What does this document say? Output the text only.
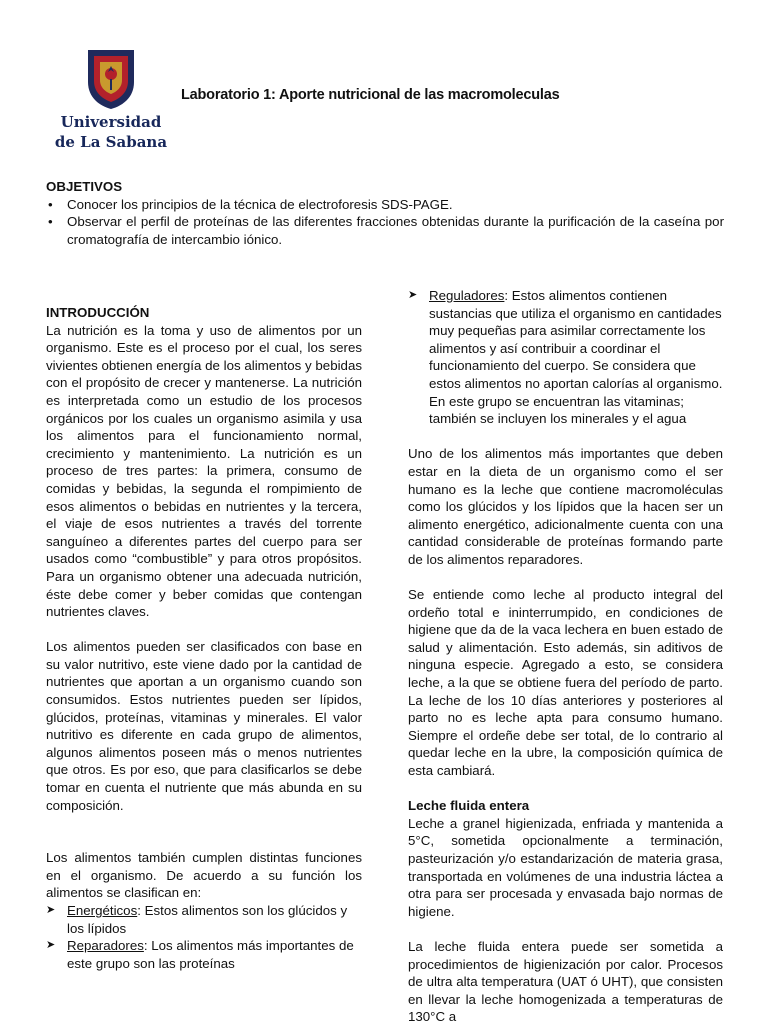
Universidad
de La Sabana
Laboratorio 1: Aporte nutricional de las macromoleculas

OBJETIVOS

• Conocer los principios de la técnica de electroforesis SDS-PAGE.
• Observar el perfil de proteínas de las diferentes fracciones obtenidas durante la purificación de la caseína por cromatografía de intercambio iónico.

INTRODUCCIÓN

La nutrición es la toma y uso de alimentos por un organismo. Este es el proceso por el cual, los seres vivientes obtienen energía de los alimentos y bebidas con el propósito de crecer y mantenerse. La nutrición es interpretada como un estudio de los procesos orgánicos por los cuales un organismo asimila y usa los alimentos para el funcionamiento normal, crecimiento y mantenimiento. La nutrición es un proceso de tres partes: la primera, consumo de comidas y bebidas, la segunda el rompimiento de esos alimentos o bebidas en nutrientes y la tercera, el viaje de esos nutrientes a través del torrente sanguíneo a diferentes partes del cuerpo para ser usados como “combustible” y para otros propósitos. Para un organismo obtener una adecuada nutrición, éste debe comer y beber comidas que contengan nutrientes claves.

Los alimentos pueden ser clasificados con base en su valor nutritivo, este viene dado por la cantidad de nutrientes que aportan a un organismo cuando son consumidos. Estos nutrientes pueden ser lípidos, glúcidos, proteínas, vitaminas y minerales. El valor nutritivo es diferente en cada grupo de alimentos, algunos alimentos poseen más o menos nutrientes que otros. Es por eso, que para clasificarlos se debe tomar en cuenta el nutriente que más abunda en su composición.

Los alimentos también cumplen distintas funciones en el organismo. De acuerdo a su función los alimentos se clasifican en:

➤ Energéticos: Estos alimentos son los glúcidos y los lípidos
➤ Reparadores: Los alimentos más importantes de este grupo son las proteínas
➤ Reguladores: Estos alimentos contienen sustancias que utiliza el organismo en cantidades muy pequeñas para asimilar correctamente los alimentos y así contribuir a coordinar el funcionamiento del cuerpo. Se considera que estos alimentos no aportan calorías al organismo. En este grupo se encuentran las vitaminas; también se incluyen los minerales y el agua

Uno de los alimentos más importantes que deben estar en la dieta de un organismo como el ser humano es la leche que contiene macromoléculas como los glúcidos y los lípidos que la hacen ser un alimento energético, adicionalmente cuenta con una cantidad considerable de proteínas formando parte de los alimentos reparadores.

Se entiende como leche al producto integral del ordeño total e ininterrumpido, en condiciones de higiene que da de la vaca lechera en buen estado de salud y alimentación. Esto además, sin aditivos de ninguna especie. Agregado a esto, se considera leche, a la que se obtiene fuera del período de parto. La leche de los 10 días anteriores y posteriores al parto no es leche apta para consumo humano. Siempre el ordeñe debe ser total, de lo contrario al quedar leche en la ubre, la composición química de esta cambiará.

Leche fluida entera

Leche a granel higienizada, enfriada y mantenida a 5°C, sometida opcionalmente a terminación, pasteurización y/o estandarización de materia grasa, transportada en volúmenes de una industria láctea a otra para ser procesada y envasada bajo normas de higiene.

La leche fluida entera puede ser sometida a procedimientos de higienización por calor. Procesos de ultra alta temperatura (UAT ó UHT), que consisten en llevar la leche homogenizada a temperaturas de 130°C a
